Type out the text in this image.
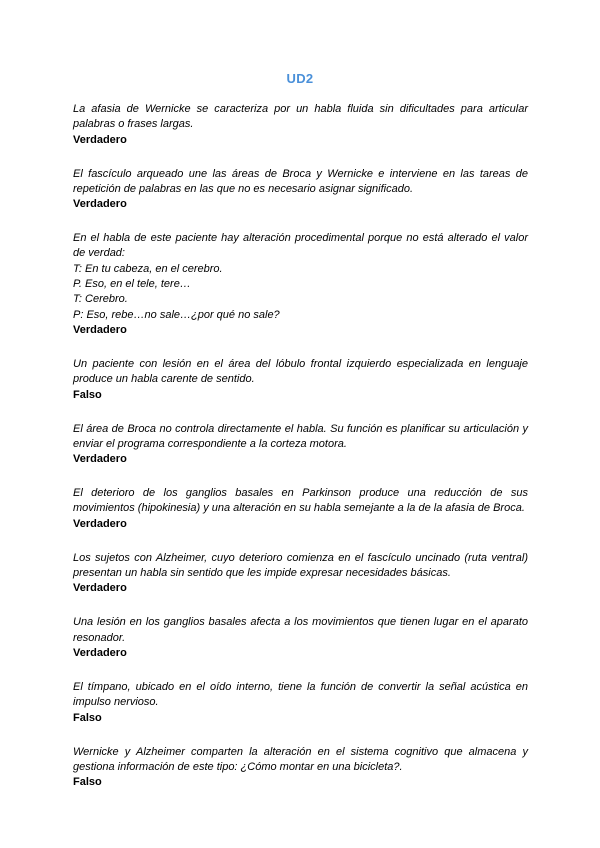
UD2

La afasia de Wernicke se caracteriza por un habla fluida sin dificultades para articular palabras o frases largas.

Verdadero

El fascículo arqueado une las áreas de Broca y Wernicke e interviene en las tareas de repetición de palabras en las que no es necesario asignar significado.

Verdadero

En el habla de este paciente hay alteración procedimental porque no está alterado el valor de verdad:
T: En tu cabeza, en el cerebro.
P. Eso, en el tele, tere…
T: Cerebro.
P: Eso, rebe…no sale…¿por qué no sale?

Verdadero

Un paciente con lesión en el área del lóbulo frontal izquierdo especializada en lenguaje produce un habla carente de sentido.

Falso

El área de Broca no controla directamente el habla. Su función es planificar su articulación y enviar el programa correspondiente a la corteza motora.

Verdadero

El deterioro de los ganglios basales en Parkinson produce una reducción de sus movimientos (hipokinesia) y una alteración en su habla semejante a la de la afasia de Broca.

Verdadero

Los sujetos con Alzheimer, cuyo deterioro comienza en el fascículo uncinado (ruta ventral) presentan un habla sin sentido que les impide expresar necesidades básicas.

Verdadero

Una lesión en los ganglios basales afecta a los movimientos que tienen lugar en el aparato resonador.

Verdadero

El tímpano, ubicado en el oído interno, tiene la función de convertir la señal acústica en impulso nervioso.

Falso

Wernicke y Alzheimer comparten la alteración en el sistema cognitivo que almacena y gestiona información de este tipo: ¿Cómo montar en una bicicleta?.

Falso
